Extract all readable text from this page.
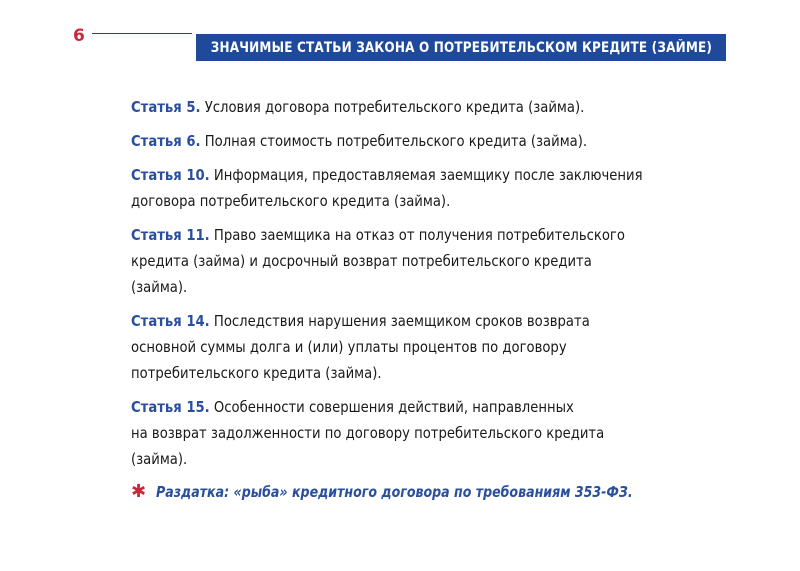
6
ЗНАЧИМЫЕ СТАТЬИ ЗАКОНА О ПОТРЕБИТЕЛЬСКОМ КРЕДИТЕ (ЗАЙМЕ)
Статья 5. Условия договора потребительского кредита (займа).
Статья 6. Полная стоимость потребительского кредита (займа).
Статья 10. Информация, предоставляемая заемщику после заключения
договора потребительского кредита (займа).
Статья 11. Право заемщика на отказ от получения потребительского
кредита (займа) и досрочный возврат потребительского кредита
(займа).
Статья 14. Последствия нарушения заемщиком сроков возврата
основной суммы долга и (или) уплаты процентов по договору
потребительского кредита (займа).
Статья 15. Особенности совершения действий, направленных
на возврат задолженности по договору потребительского кредита
(займа).
✱ Раздатка: «рыба» кредитного договора по требованиям 353-ФЗ.
